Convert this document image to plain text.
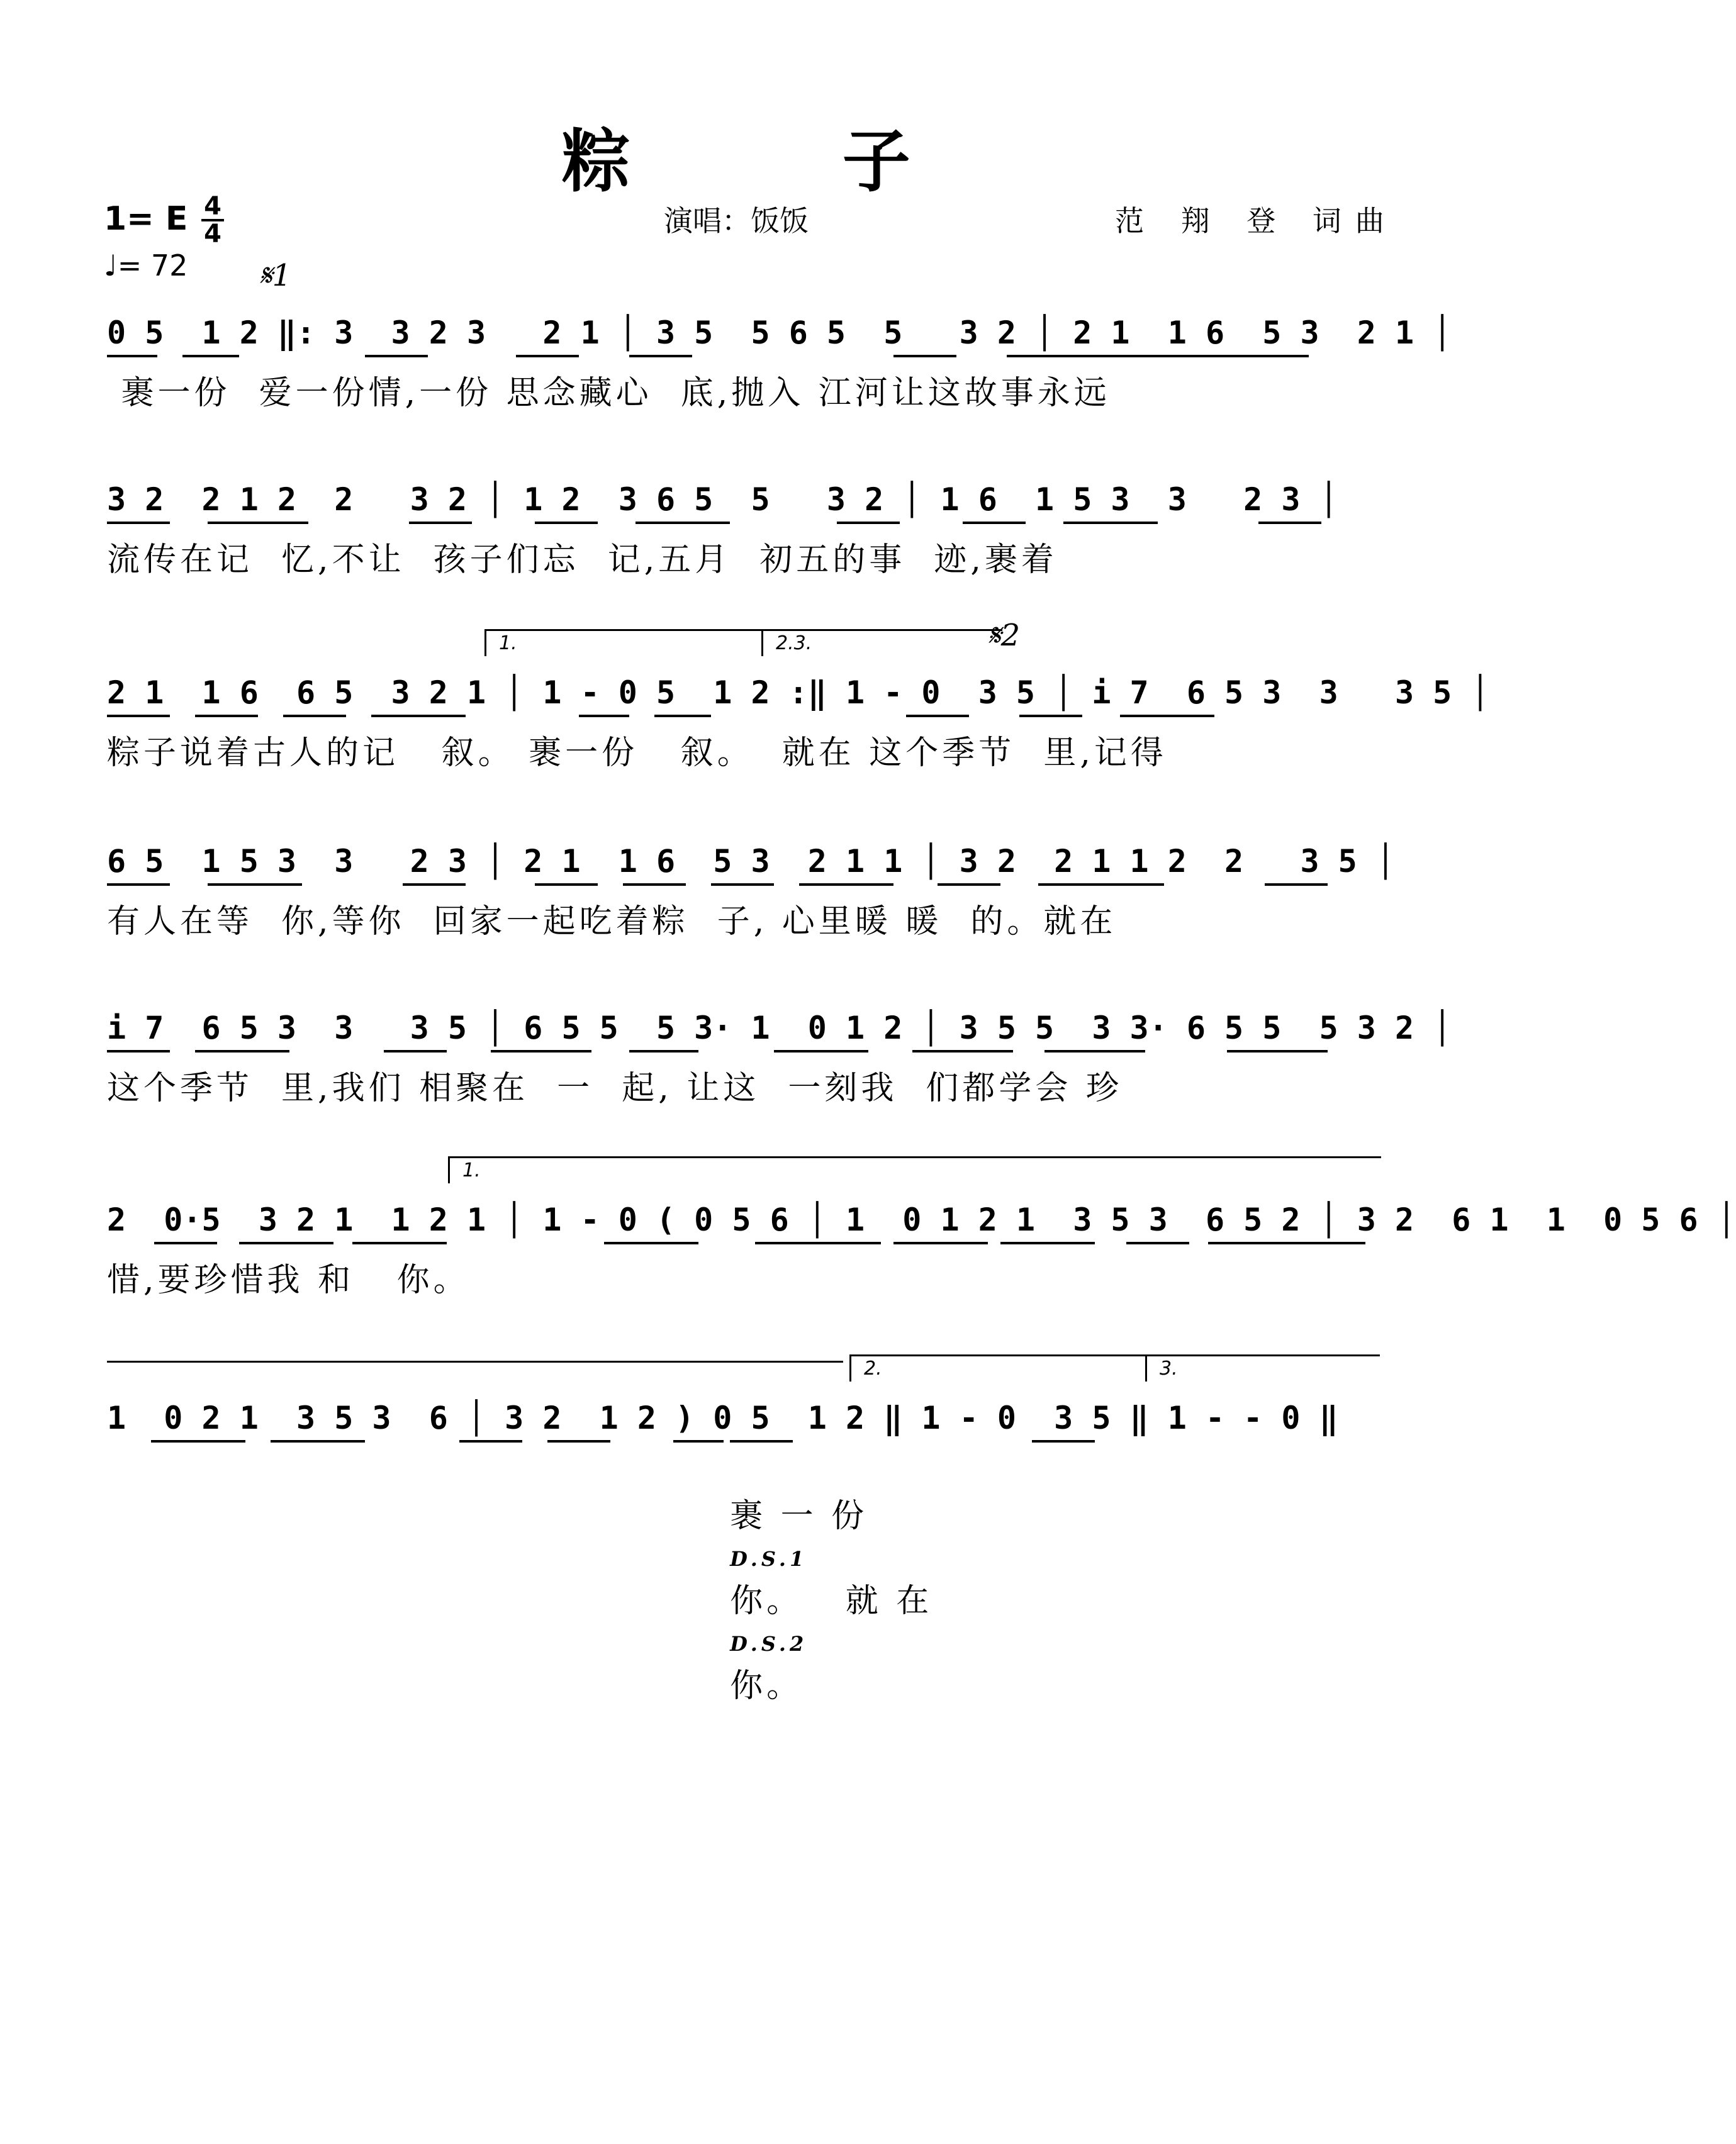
粽 子
1= E 4
4
♩= 72
演唱：饭饭	范 翔 登 词曲
𝄋1
0 5  1 2 ‖: 3  3 2 3   2 1 │ 3 5  5 6 5  5   3 2 │ 2 1  1 6  5 3  2 1 │
裹一份  爱一份情,一份 思念藏心  底,抛入 江河让这故事永远
3 2  2 1 2  2   3 2 │ 1 2  3 6 5  5   3 2 │ 1 6  1 5 3  3   2 3 │
流传在记  忆,不让  孩子们忘  记,五月  初五的事  迹,裹着
1.	2.3.	𝄋2
2 1  1 6  6 5  3 2 1 │ 1 - 0 5  1 2 :‖ 1 - 0  3 5 │ i 7  6 5 3  3   3 5 │
粽子说着古人的记   叙。 裹一份   叙。  就在 这个季节  里,记得
6 5  1 5 3  3   2 3 │ 2 1  1 6  5 3  2 1 1 │ 3 2  2 1 1 2  2   3 5 │
有人在等  你,等你  回家一起吃着粽  子, 心里暖 暖  的。就在
i 7  6 5 3  3   3 5 │ 6 5 5  5 3· 1  0 1 2 │ 3 5 5  3 3· 6 5 5  5 3 2 │
这个季节  里,我们 相聚在  一  起, 让这  一刻我  们都学会 珍
1.
2  0·5  3 2 1  1 2 1 │ 1 - 0 ( 0 5 6 │ 1  0 1 2 1  3 5 3  6 5 2 │ 3 2  6 1  1  0 5 6 │
惜,要珍惜我 和   你。
2.	3.
1  0 2 1  3 5 3  6 │ 3 2  1 2 ) 0 5  1 2 ‖ 1 - 0  3 5 ‖ 1 - - 0 ‖

裹 一 份
D.S.1
你。   就 在
D.S.2
你。
